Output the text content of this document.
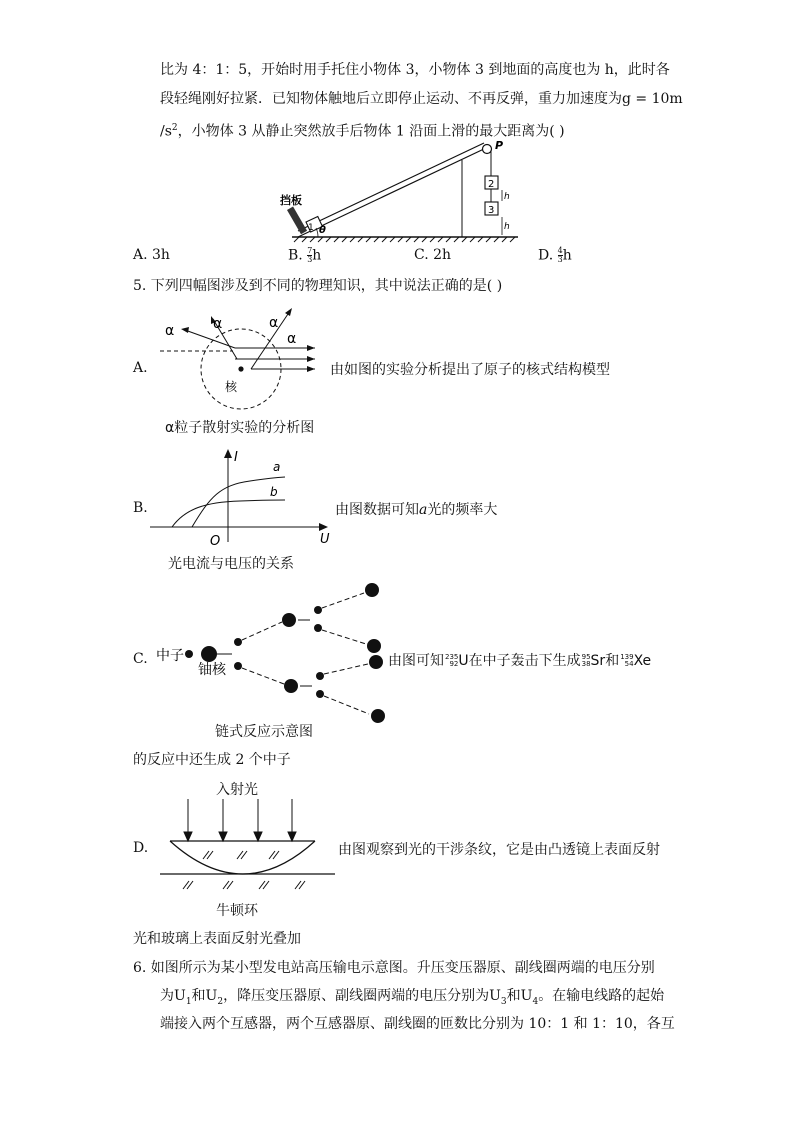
比为 4：1：5，开始时用手托住小物体 3，小物体 3 到地面的高度也为 h，此时各
段轻绳刚好拉紧．已知物体触地后立即停止运动、不再反弹，重力加速度为g = 10m
$/s^2$，小物体 3 从静止突然放手后物体 1 沿面上滑的最大距离为( )
P
2
h
3
h
1
挡板
θ
A. 3h	B. $\frac{7}{3}$ h	C. 2h	D. $\frac{4}{3}$ h
5. 下列四幅图涉及到不同的物理知识，其中说法正确的是( )
A.
核
α	α	α
α
由如图的实验分析提出了原子的核式结构模型
α粒子散射实验的分析图
B.
I
U
O
a
b
由图数据可知a光的频率大
光电流与电压的关系
C. 中子
铀核
由图可知 235
92 U在中子轰击下生成 95
38 Sr和 139
54 Xe
链式反应示意图
的反应中还生成 2 个中子
入射光
D.	由图观察到光的干涉条纹，它是由凸透镜上表面反射
牛顿环
光和玻璃上表面反射光叠加
6. 如图所示为某小型发电站高压输电示意图。升压变压器原、副线圈两端的电压分别
为$U_1$和$U_2$，降压变压器原、副线圈两端的电压分别为$U_3$和$U_4$。在输电线路的起始
端接入两个互感器，两个互感器原、副线圈的匝数比分别为 10：1 和 1：10，各互
